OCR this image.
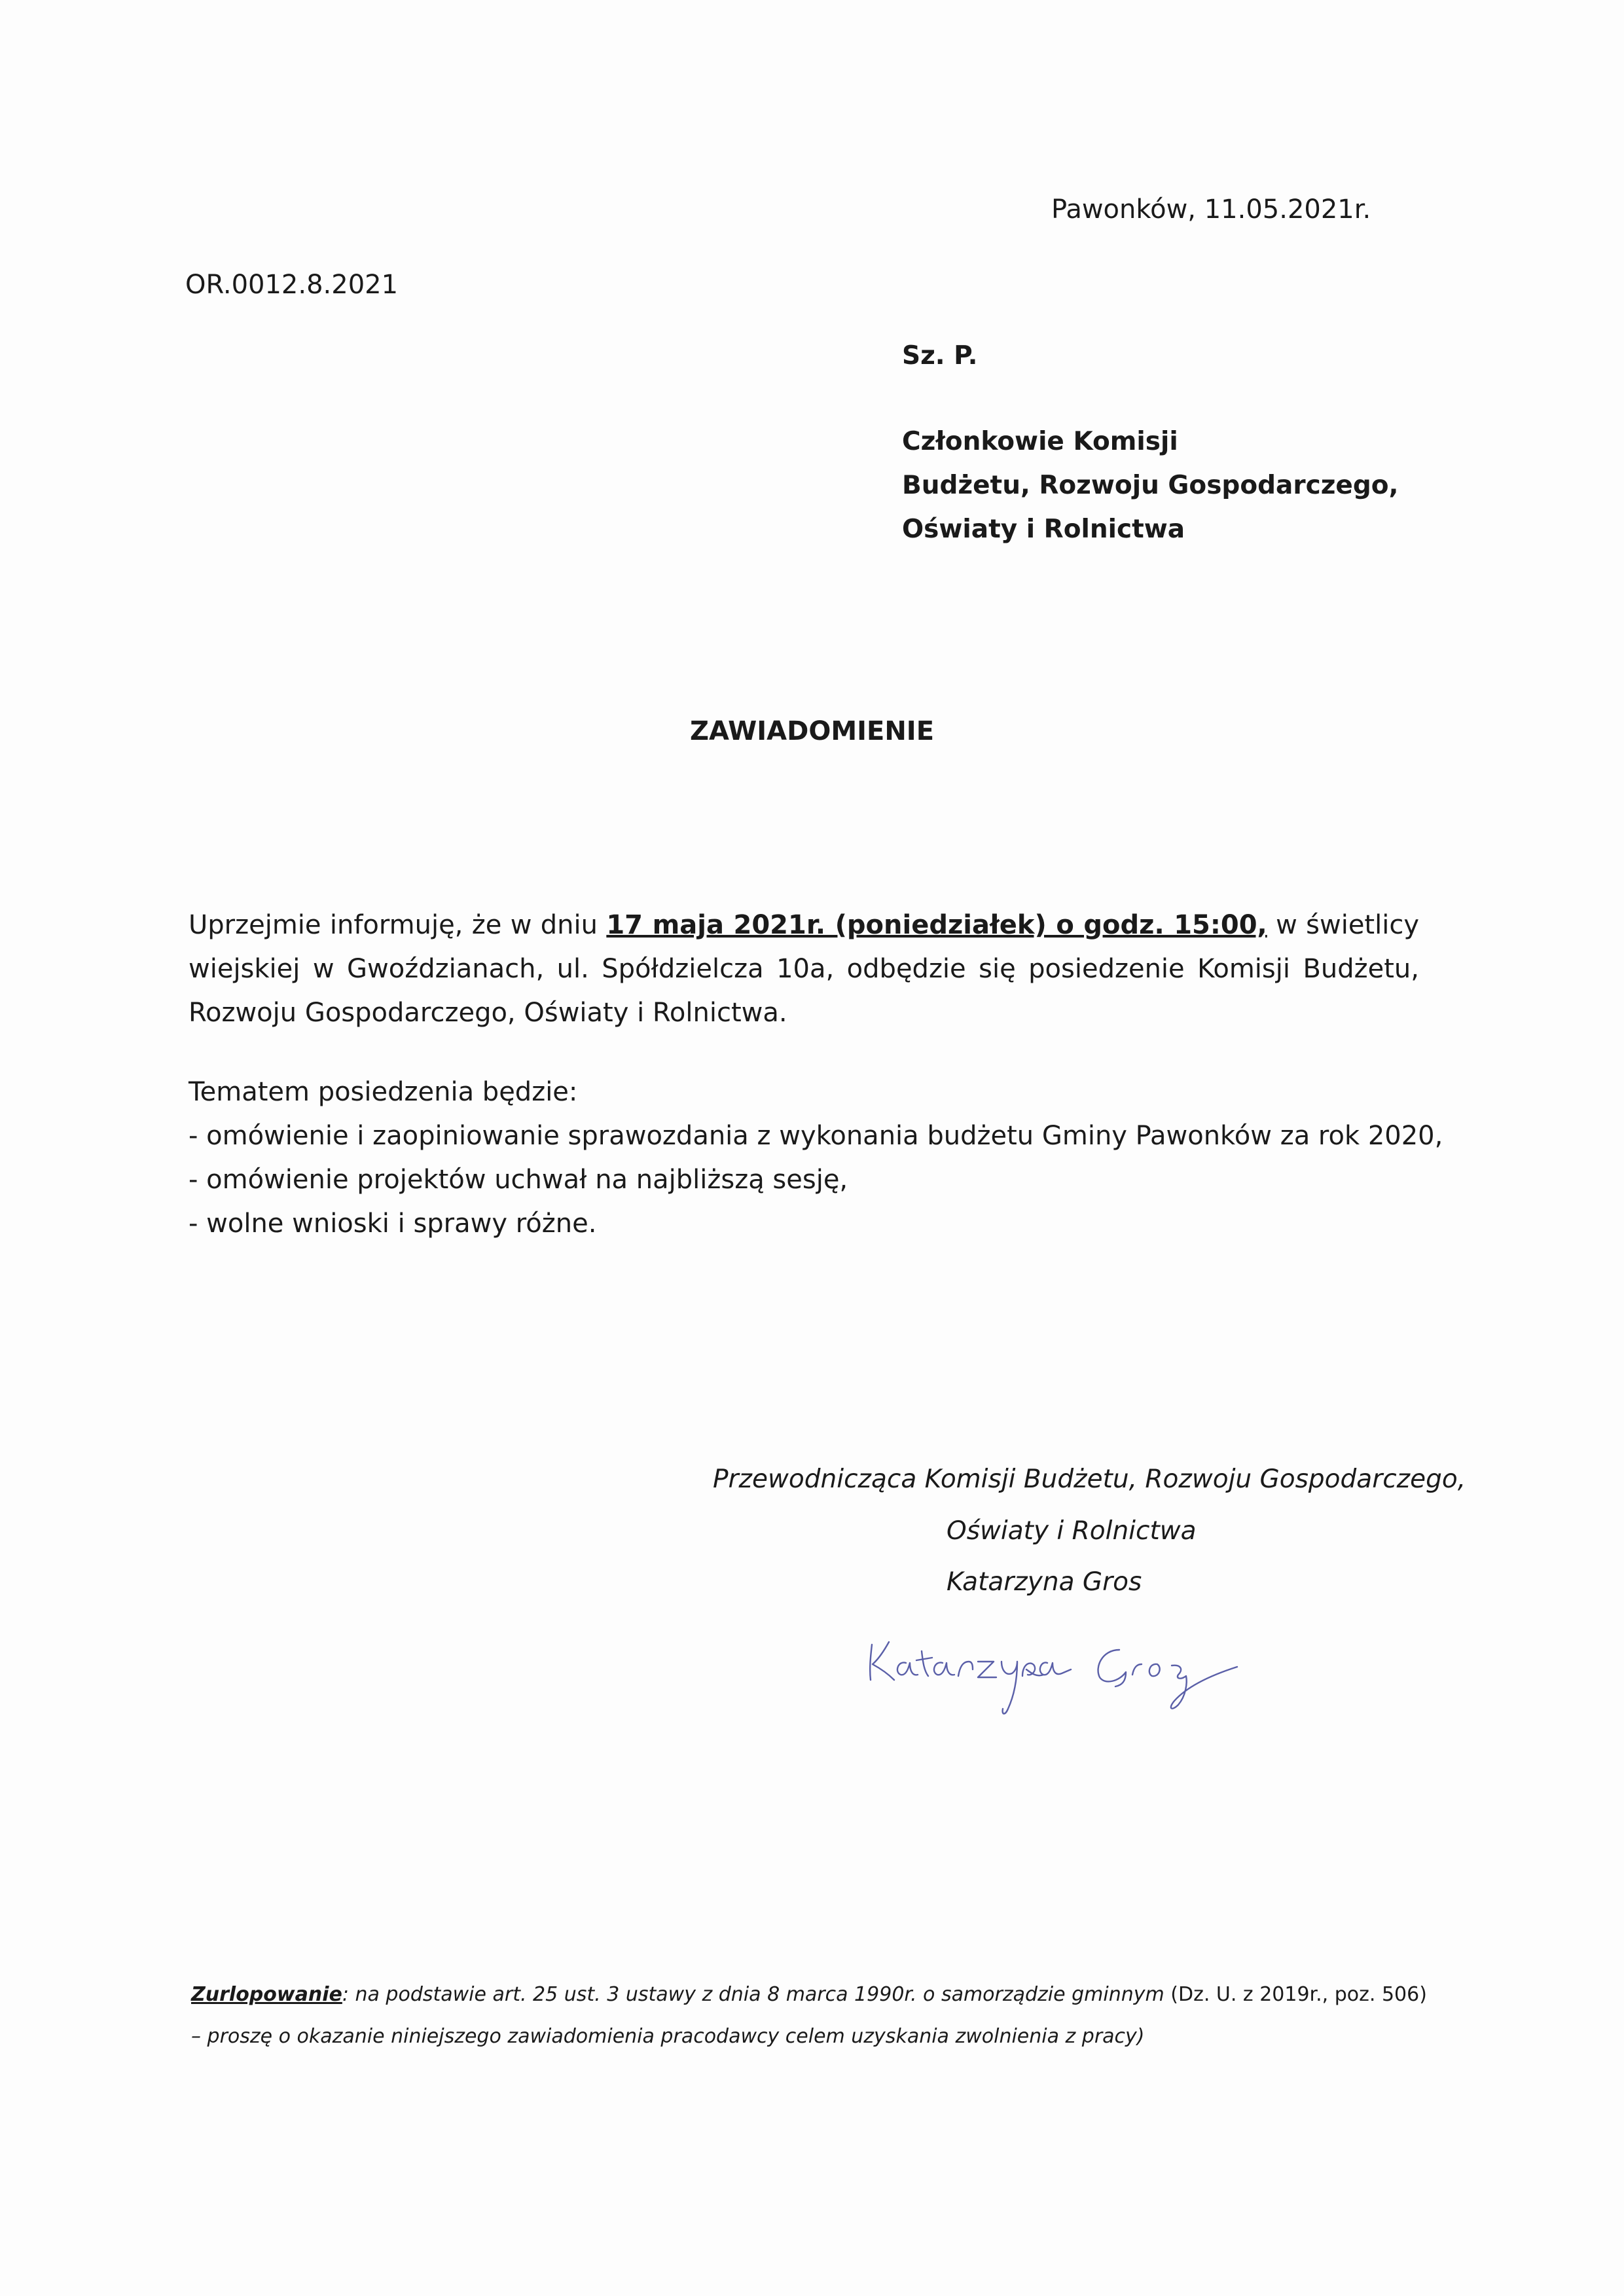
Pawonków, 11.05.2021r.
OR.0012.8.2021
Sz. P.
Członkowie Komisji
Budżetu, Rozwoju Gospodarczego,
Oświaty i Rolnictwa
ZAWIADOMIENIE
Uprzejmie informuję, że w dniu 17 maja 2021r. (poniedziałek) o godz. 15:00, w świetlicy wiejskiej w Gwoździanach, ul. Spółdzielcza 10a, odbędzie się posiedzenie Komisji Budżetu, Rozwoju Gospodarczego, Oświaty i Rolnictwa.
Tematem posiedzenia będzie:
- omówienie i zaopiniowanie sprawozdania z wykonania budżetu Gminy Pawonków za rok 2020,
- omówienie projektów uchwał na najbliższą sesję,
- wolne wnioski i sprawy różne.
Przewodnicząca Komisji Budżetu, Rozwoju Gospodarczego,
Oświaty i Rolnictwa
Katarzyna Gros
Zurlopowanie: na podstawie art. 25 ust. 3 ustawy z dnia 8 marca 1990r. o samorządzie gminnym (Dz. U. z 2019r., poz. 506)
– proszę o okazanie niniejszego zawiadomienia pracodawcy celem uzyskania zwolnienia z pracy)
